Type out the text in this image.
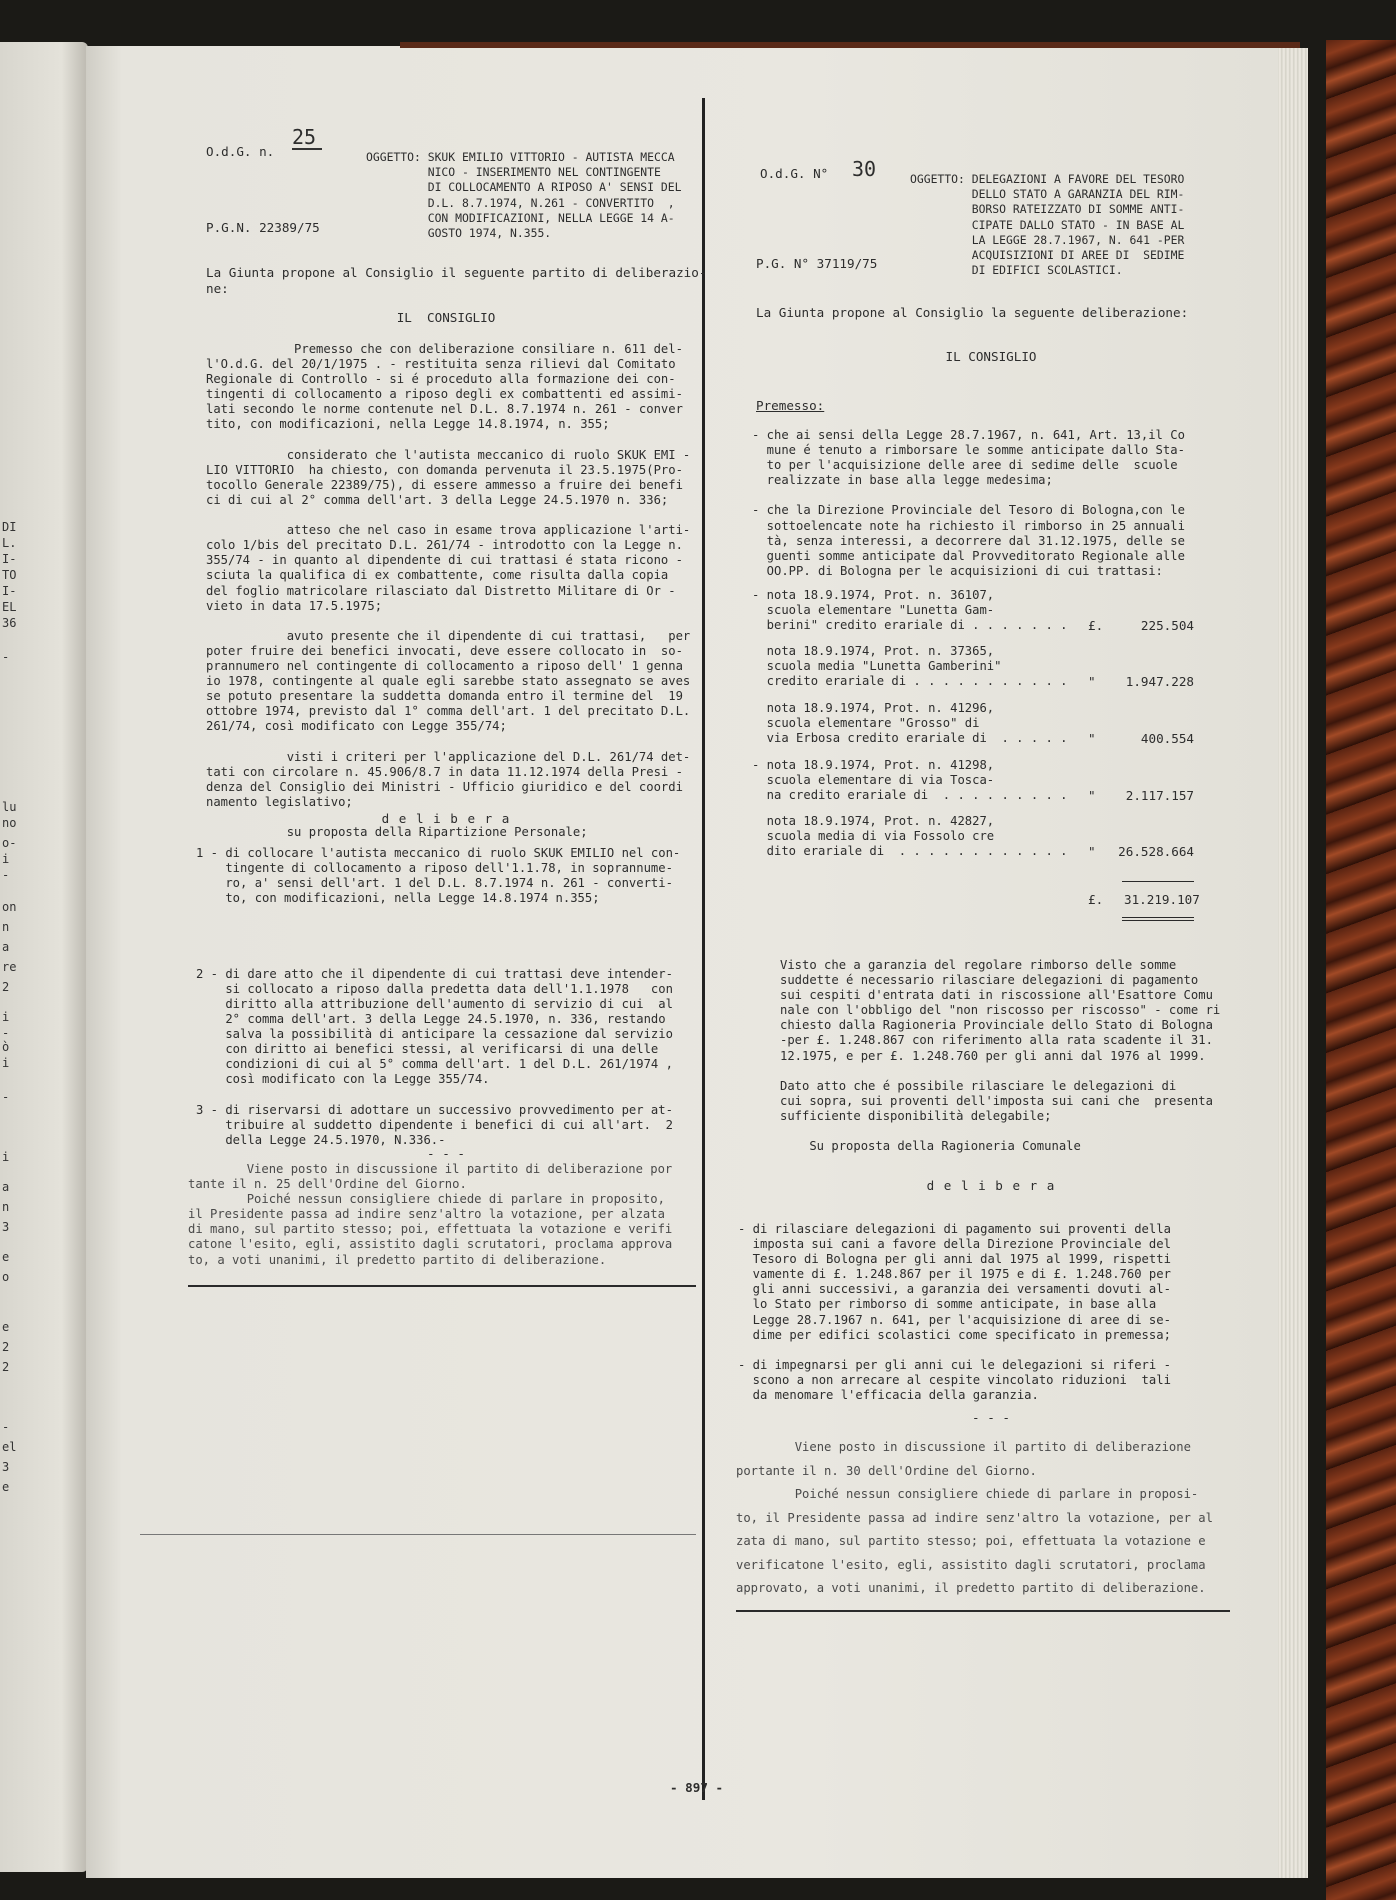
DI
L.
I-
TO
I-
EL
36
-
lu
no
o-
i
-
on
n
a
re
2
i
-
ò
i
-
i
a
n
3
e
o
e
2
2
-
el
3
e
O.d.G. n.
25
OGGETTO: SKUK EMILIO VITTORIO - AUTISTA MECCA
NICO - INSERIMENTO NEL CONTINGENTE
DI COLLOCAMENTO A RIPOSO A' SENSI DEL
D.L. 8.7.1974, N.261 - CONVERTITO  ,
CON MODIFICAZIONI, NELLA LEGGE 14 A-
GOSTO 1974, N.355.
P.G.N. 22389/75
La Giunta propone al Consiglio il seguente partito di deliberazio-
ne:
IL  CONSIGLIO
Premesso che con deliberazione consiliare n. 611 del-
l'O.d.G. del 20/1/1975 . - restituita senza rilievi dal Comitato
Regionale di Controllo - si é proceduto alla formazione dei con-
tingenti di collocamento a riposo degli ex combattenti ed assimi-
lati secondo le norme contenute nel D.L. 8.7.1974 n. 261 - conver
tito, con modificazioni, nella Legge 14.8.1974, n. 355;

considerato che l'autista meccanico di ruolo SKUK EMI -
LIO VITTORIO  ha chiesto, con domanda pervenuta il 23.5.1975(Pro-
tocollo Generale 22389/75), di essere ammesso a fruire dei benefi
ci di cui al 2° comma dell'art. 3 della Legge 24.5.1970 n. 336;

atteso che nel caso in esame trova applicazione l'arti-
colo 1/bis del precitato D.L. 261/74 - introdotto con la Legge n.
355/74 - in quanto al dipendente di cui trattasi é stata ricono -
sciuta la qualifica di ex combattente, come risulta dalla copia
del foglio matricolare rilasciato dal Distretto Militare di Or -
vieto in data 17.5.1975;

avuto presente che il dipendente di cui trattasi,   per
poter fruire dei benefici invocati, deve essere collocato in  so-
prannumero nel contingente di collocamento a riposo dell' 1 genna
io 1978, contingente al quale egli sarebbe stato assegnato se aves
se potuto presentare la suddetta domanda entro il termine del  19
ottobre 1974, previsto dal 1° comma dell'art. 1 del precitato D.L.
261/74, così modificato con Legge 355/74;

visti i criteri per l'applicazione del D.L. 261/74 det-
tati con circolare n. 45.906/8.7 in data 11.12.1974 della Presi -
denza del Consiglio dei Ministri - Ufficio giuridico e del coordi
namento legislativo;

su proposta della Ripartizione Personale;
d e l i b e r a
1 - di collocare l'autista meccanico di ruolo SKUK EMILIO nel con-
tingente di collocamento a riposo dell'1.1.78, in soprannume-
ro, a' sensi dell'art. 1 del D.L. 8.7.1974 n. 261 - converti-
to, con modificazioni, nella Legge 14.8.1974 n.355;

2 - di dare atto che il dipendente di cui trattasi deve intender-
si collocato a riposo dalla predetta data dell'1.1.1978   con
diritto alla attribuzione dell'aumento di servizio di cui  al
2° comma dell'art. 3 della Legge 24.5.1970, n. 336, restando
salva la possibilità di anticipare la cessazione dal servizio
con diritto ai benefici stessi, al verificarsi di una delle
condizioni di cui al 5° comma dell'art. 1 del D.L. 261/1974 ,
così modificato con la Legge 355/74.

3 - di riservarsi di adottare un successivo provvedimento per at-
tribuire al suddetto dipendente i benefici di cui all'art.  2
della Legge 24.5.1970, N.336.-
- - -
Viene posto in discussione il partito di deliberazione por
tante il n. 25 dell'Ordine del Giorno.
Poiché nessun consigliere chiede di parlare in proposito,
il Presidente passa ad indire senz'altro la votazione, per alzata
di mano, sul partito stesso; poi, effettuata la votazione e verifi
catone l'esito, egli, assistito dagli scrutatori, proclama approva
to, a voti unanimi, il predetto partito di deliberazione.
O.d.G. N° 30	OGGETTO: DELEGAZIONI A FAVORE DEL TESORO
DELLO STATO A GARANZIA DEL RIM-
BORSO RATEIZZATO DI SOMME ANTI-
CIPATE DALLO STATO - IN BASE AL
LA LEGGE 28.7.1967, N. 641 -PER
ACQUISIZIONI DI AREE DI  SEDIME
DI EDIFICI SCOLASTICI.
P.G. N° 37119/75
La Giunta propone al Consiglio la seguente deliberazione:
IL CONSIGLIO
Premesso:
- che ai sensi della Legge 28.7.1967, n. 641, Art. 13,il Co
mune é tenuto a rimborsare le somme anticipate dallo Sta-
to per l'acquisizione delle aree di sedime delle  scuole
realizzate in base alla legge medesima;

- che la Direzione Provinciale del Tesoro di Bologna,con le
sottoelencate note ha richiesto il rimborso in 25 annuali
tà, senza interessi, a decorrere dal 31.12.1975, delle se
guenti somme anticipate dal Provveditorato Regionale alle
OO.PP. di Bologna per le acquisizioni di cui trattasi:
- nota 18.9.1974, Prot. n. 36107,
scuola elementare "Lunetta Gam-
berini" credito erariale di . . . . . . . £.	225.504
nota 18.9.1974, Prot. n. 37365,
scuola media "Lunetta Gamberini"
credito erariale di . . . . . . . . . . . "	1.947.228
nota 18.9.1974, Prot. n. 41296,
scuola elementare "Grosso" di
via Erbosa credito erariale di  . . . . . "	400.554
- nota 18.9.1974, Prot. n. 41298,
scuola elementare di via Tosca-
na credito erariale di  . . . . . . . . . "	2.117.157
nota 18.9.1974, Prot. n. 42827,
scuola media di via Fossolo cre
dito erariale di  . . . . . . . . . . . . "	26.528.664
£. 31.219.107
Visto che a garanzia del regolare rimborso delle somme
suddette é necessario rilasciare delegazioni di pagamento
sui cespiti d'entrata dati in riscossione all'Esattore Comu
nale con l'obbligo del "non riscosso per riscosso" - come ri
chiesto dalla Ragioneria Provinciale dello Stato di Bologna
-per £. 1.248.867 con riferimento alla rata scadente il 31.
12.1975, e per £. 1.248.760 per gli anni dal 1976 al 1999.

Dato atto che é possibile rilasciare le delegazioni di
cui sopra, sui proventi dell'imposta sui cani che  presenta
sufficiente disponibilità delegabile;

Su proposta della Ragioneria Comunale
d e l i b e r a
- di rilasciare delegazioni di pagamento sui proventi della
imposta sui cani a favore della Direzione Provinciale del
Tesoro di Bologna per gli anni dal 1975 al 1999, rispetti
vamente di £. 1.248.867 per il 1975 e di £. 1.248.760 per
gli anni successivi, a garanzia dei versamenti dovuti al-
lo Stato per rimborso di somme anticipate, in base alla
Legge 28.7.1967 n. 641, per l'acquisizione di aree di se-
dime per edifici scolastici come specificato in premessa;

- di impegnarsi per gli anni cui le delegazioni si riferi -
scono a non arrecare al cespite vincolato riduzioni  tali
da menomare l'efficacia della garanzia.
- - -
Viene posto in discussione il partito di deliberazione
portante il n. 30 dell'Ordine del Giorno.
Poiché nessun consigliere chiede di parlare in proposi-
to, il Presidente passa ad indire senz'altro la votazione, per al
zata di mano, sul partito stesso; poi, effettuata la votazione e
verificatone l'esito, egli, assistito dagli scrutatori, proclama
approvato, a voti unanimi, il predetto partito di deliberazione.
- 897 -
